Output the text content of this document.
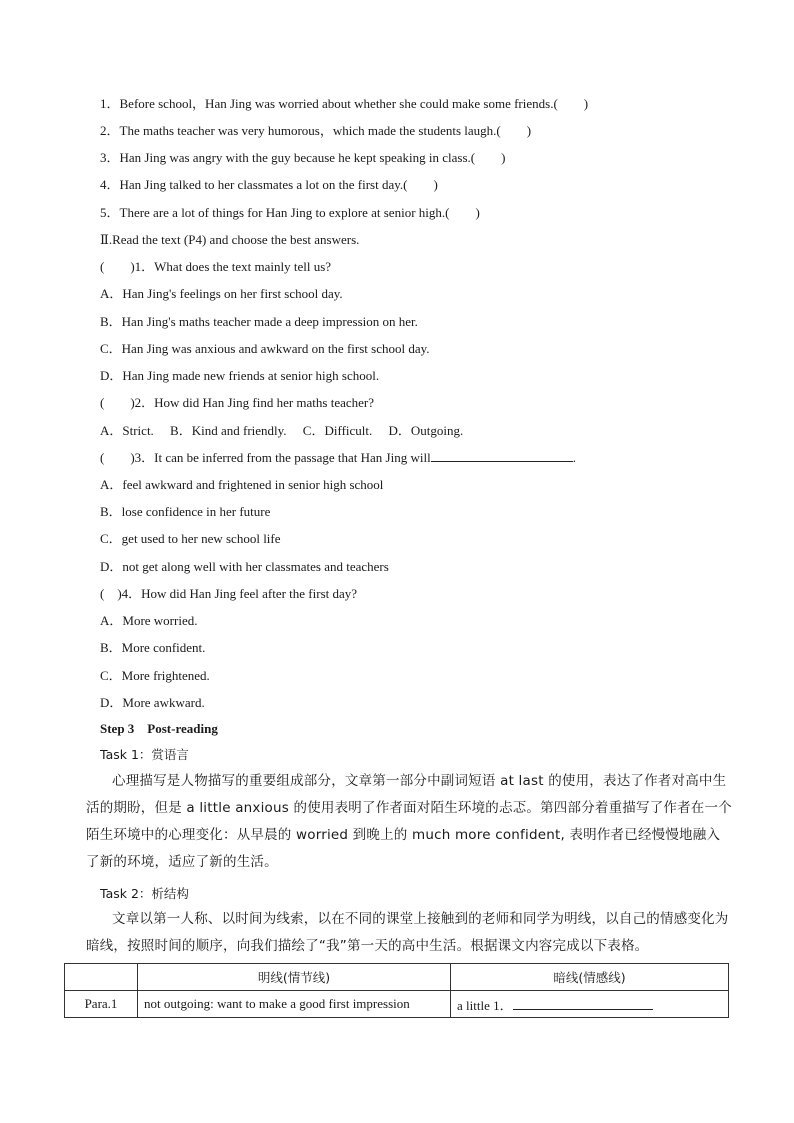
1．Before school，Han Jing was worried about whether she could make some friends.(　　)
2．The maths teacher was very humorous，which made the students laugh.(　　)
3．Han Jing was angry with the guy because he kept speaking in class.(　　)
4．Han Jing talked to her classmates a lot on the first day.(　　)
5．There are a lot of things for Han Jing to explore at senior high.(　　)
Ⅱ.Read the text (P4) and choose the best answers.
(　　)1．What does the text mainly tell us?
A．Han Jing's feelings on her first school day.
B．Han Jing's maths teacher made a deep impression on her.
C．Han Jing was anxious and awkward on the first school day.
D．Han Jing made new friends at senior high school.
(　　)2．How did Han Jing find her maths teacher?
A．Strict.　 B．Kind and friendly.　 C．Difficult.　 D．Outgoing.
(　　)3．It can be inferred from the passage that Han Jing will	.
A．feel awkward and frightened in senior high school
B．lose confidence in her future
C．get used to her new school life
D．not get along well with her classmates and teachers
(　)4．How did Han Jing feel after the first day?
A．More worried.
B．More confident.
C．More frightened.
D．More awkward.
Step 3　Post-reading
Task 1：赏语言
心理描写是人物描写的重要组成部分，文章第一部分中副词短语 at last 的使用，表达了作者对高中生活的期盼，但是 a little anxious 的使用表明了作者面对陌生环境的忐忑。第四部分着重描写了作者在一个陌生环境中的心理变化：从早晨的 worried 到晚上的 much more confident, 表明作者已经慢慢地融入了新的环境，适应了新的生活。
Task 2：析结构
文章以第一人称、以时间为线索，以在不同的课堂上接触到的老师和同学为明线，以自己的情感变化为暗线，按照时间的顺序，向我们描绘了“我”第一天的高中生活。根据课文内容完成以下表格。
	明线(情节线)	暗线(情感线)
Para.1	not outgoing: want to make a good first impression	a little 1．
